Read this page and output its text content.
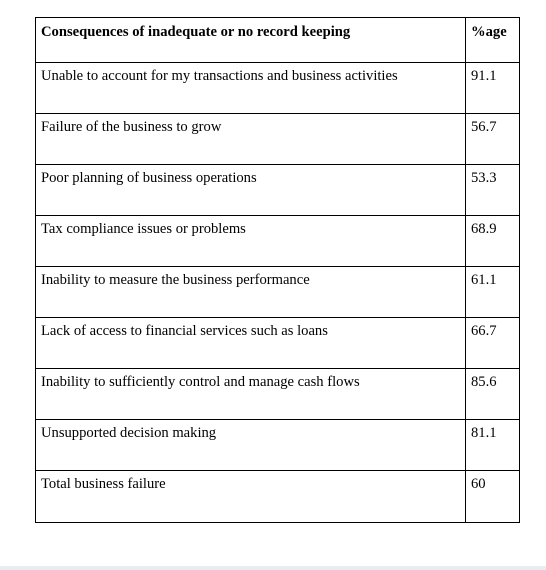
Consequences of inadequate or no record keeping	%age
Unable to account for my transactions and business activities	91.1
Failure of the business to grow	56.7
Poor planning of business operations	53.3
Tax compliance issues or problems	68.9
Inability to measure the business performance	61.1
Lack of access to financial services such as loans	66.7
Inability to sufficiently control and manage cash flows	85.6
Unsupported decision making	81.1
Total business failure	60
